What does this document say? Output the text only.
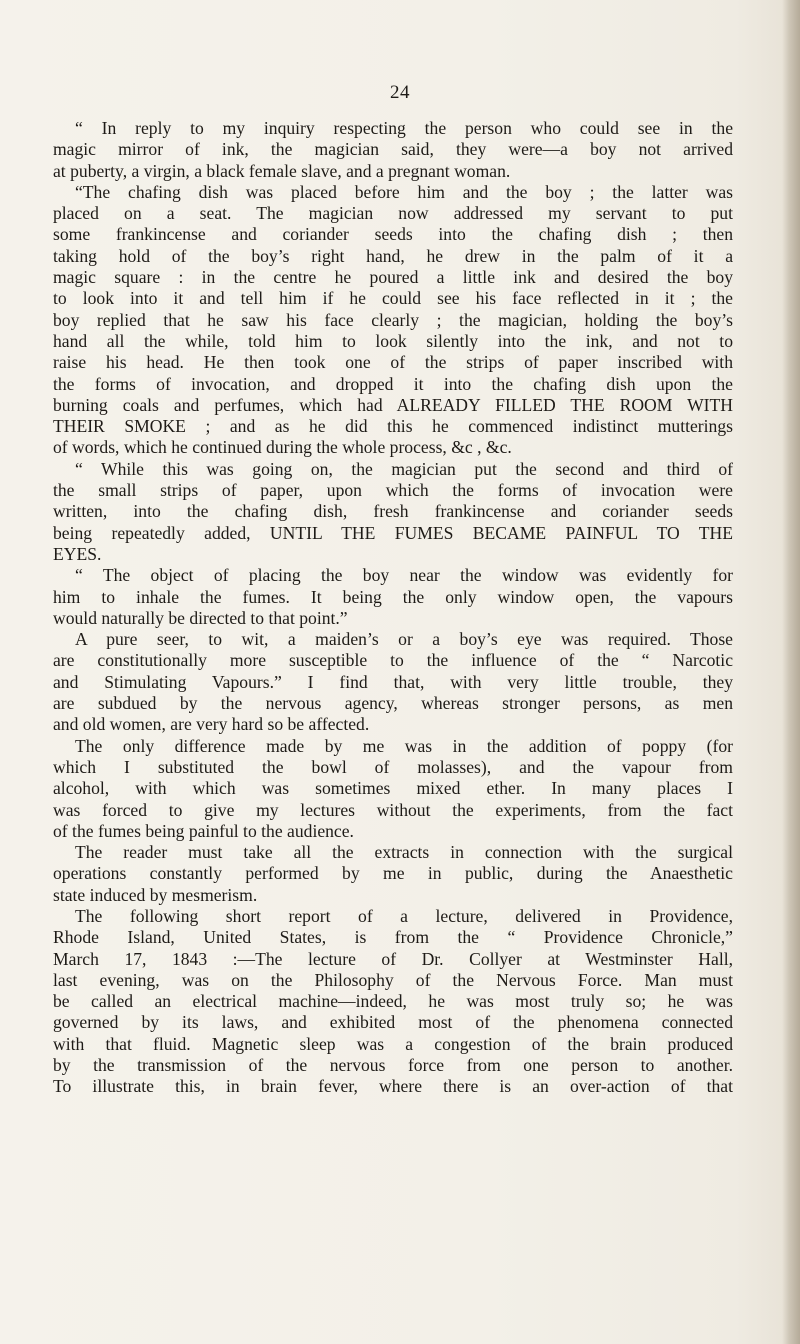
24
“ In reply to my inquiry respecting the person who could see in the
magic mirror of ink, the magician said, they were—a boy not arrived
at puberty, a virgin, a black female slave, and a pregnant woman.
“The chafing dish was placed before him and the boy ; the latter was
placed on a seat. The magician now addressed my servant to put
some frankincense and coriander seeds into the chafing dish ; then
taking hold of the boy’s right hand, he drew in the palm of it a
magic square : in the centre he poured a little ink and desired the boy
to look into it and tell him if he could see his face reflected in it ; the
boy replied that he saw his face clearly ; the magician, holding the boy’s
hand all the while, told him to look silently into the ink, and not to
raise his head. He then took one of the strips of paper inscribed with
the forms of invocation, and dropped it into the chafing dish upon the
burning coals and perfumes, which had ALREADY FILLED THE ROOM WITH
THEIR SMOKE ; and as he did this he commenced indistinct mutterings
of words, which he continued during the whole process, &c , &c.
“ While this was going on, the magician put the second and third of
the small strips of paper, upon which the forms of invocation were
written, into the chafing dish, fresh frankincense and coriander seeds
being repeatedly added, UNTIL THE FUMES BECAME PAINFUL TO THE
EYES.
“ The object of placing the boy near the window was evidently for
him to inhale the fumes. It being the only window open, the vapours
would naturally be directed to that point.”
A pure seer, to wit, a maiden’s or a boy’s eye was required. Those
are constitutionally more susceptible to the influence of the “ Narcotic
and Stimulating Vapours.” I find that, with very little trouble, they
are subdued by the nervous agency, whereas stronger persons, as men
and old women, are very hard so be affected.
The only difference made by me was in the addition of poppy (for
which I substituted the bowl of molasses), and the vapour from
alcohol, with which was sometimes mixed ether. In many places I
was forced to give my lectures without the experiments, from the fact
of the fumes being painful to the audience.
The reader must take all the extracts in connection with the surgical
operations constantly performed by me in public, during the Anaesthetic
state induced by mesmerism.
The following short report of a lecture, delivered in Providence,
Rhode Island, United States, is from the “ Providence Chronicle,”
March 17, 1843 :—The lecture of Dr. Collyer at Westminster Hall,
last evening, was on the Philosophy of the Nervous Force. Man must
be called an electrical machine—indeed, he was most truly so; he was
governed by its laws, and exhibited most of the phenomena connected
with that fluid. Magnetic sleep was a congestion of the brain produced
by the transmission of the nervous force from one person to another.
To illustrate this, in brain fever, where there is an over-action of that
